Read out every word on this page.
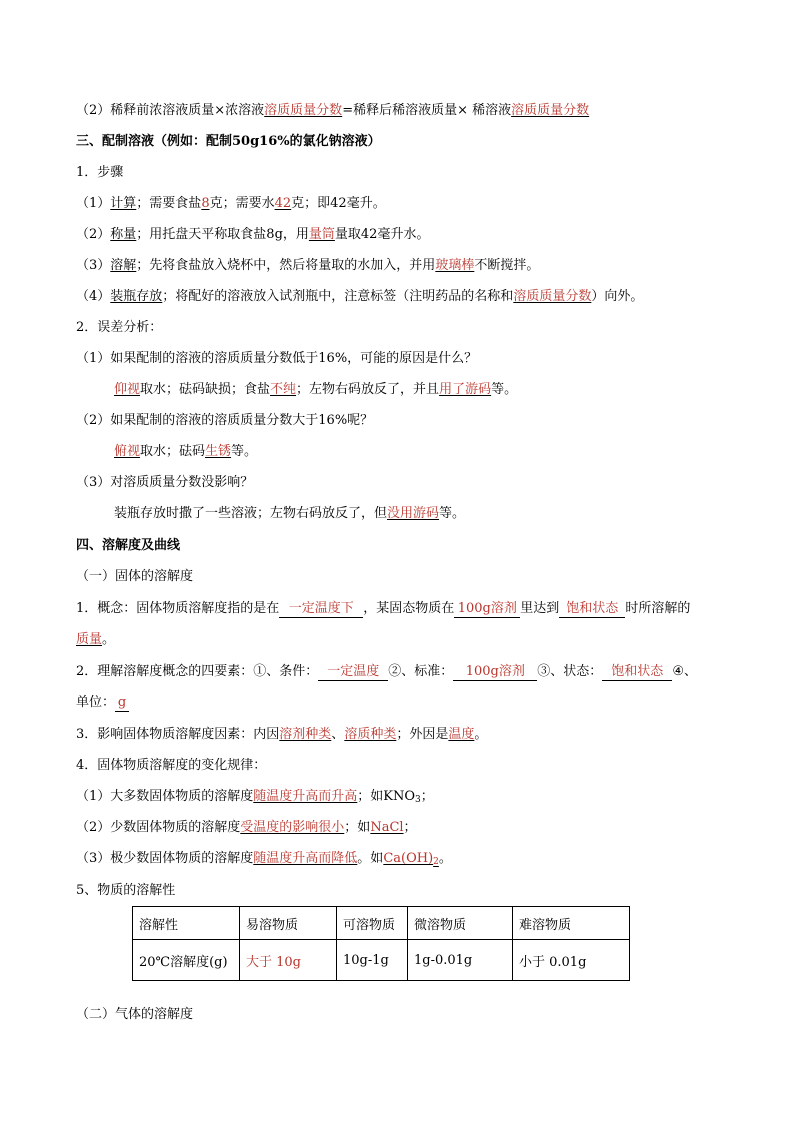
（2）稀释前浓溶液质量×浓溶液溶质质量分数=稀释后稀溶液质量× 稀溶液溶质质量分数
三、配制溶液（例如：配制50g16%的氯化钠溶液）
1．步骤
（1）计算；需要食盐8克；需要水42克；即42毫升。
（2）称量；用托盘天平称取食盐8g，用量筒量取42毫升水。
（3）溶解；先将食盐放入烧杯中，然后将量取的水加入，并用玻璃棒不断搅拌。
（4）装瓶存放；将配好的溶液放入试剂瓶中，注意标签（注明药品的名称和溶质质量分数）向外。
2．误差分析：
（1）如果配制的溶液的溶质质量分数低于16%，可能的原因是什么？
仰视取水；砝码缺损；食盐不纯；左物右码放反了，并且用了游码等。
（2）如果配制的溶液的溶质质量分数大于16%呢？
俯视取水；砝码生锈等。
（3）对溶质质量分数没影响？
装瓶存放时撒了一些溶液；左物右码放反了，但没用游码等。
四、溶解度及曲线
（一）固体的溶解度
1．概念：固体物质溶解度指的是在 一定温度下 ，某固态物质在 100g溶剂 里达到 饱和状态 时所溶解的
质量。
2．理解溶解度概念的四要素：①、条件： 一定温度 ②、标准： 100g溶剂 ③、状态： 饱和状态 ④、
单位： g
3．影响固体物质溶解度因素：内因溶剂种类、溶质种类；外因是温度。
4．固体物质溶解度的变化规律：
（1）大多数固体物质的溶解度随温度升高而升高；如$KNO_3$；
（2）少数固体物质的溶解度受温度的影响很小；如NaCl；
（3）极少数固体物质的溶解度随温度升高而降低。如$Ca(OH)_2$。
5、物质的溶解性
溶解性	易溶物质	可溶物质	微溶物质	难溶物质
20℃溶解度(g)	大于 10g	10g-1g	1g-0.01g	小于 0.01g
（二）气体的溶解度
